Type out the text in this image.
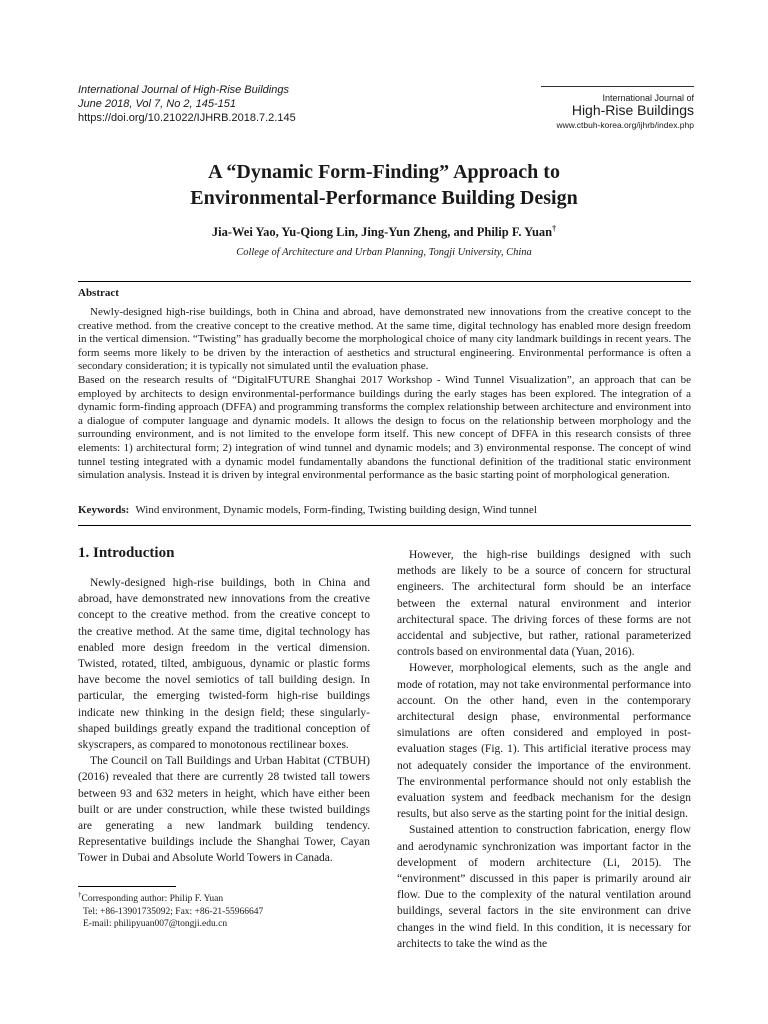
International Journal of High-Rise Buildings
June 2018, Vol 7, No 2, 145-151
https://doi.org/10.21022/IJHRB.2018.7.2.145
International Journal of
High-Rise Buildings
www.ctbuh-korea.org/ijhrb/index.php
A “Dynamic Form-Finding” Approach to
Environmental-Performance Building Design
Jia-Wei Yao, Yu-Qiong Lin, Jing-Yun Zheng, and Philip F. Yuan†
College of Architecture and Urban Planning, Tongji University, China
Abstract

Newly-designed high-rise buildings, both in China and abroad, have demonstrated new innovations from the creative concept to the creative method. from the creative concept to the creative method. At the same time, digital technology has enabled more design freedom in the vertical dimension. “Twisting” has gradually become the morphological choice of many city landmark buildings in recent years. The form seems more likely to be driven by the interaction of aesthetics and structural engineering. Environmental performance is often a secondary consideration; it is typically not simulated until the evaluation phase.

Based on the research results of “DigitalFUTURE Shanghai 2017 Workshop - Wind Tunnel Visualization”, an approach that can be employed by architects to design environmental-performance buildings during the early stages has been explored. The integration of a dynamic form-finding approach (DFFA) and programming transforms the complex relationship between architecture and environment into a dialogue of computer language and dynamic models. It allows the design to focus on the relationship between morphology and the surrounding environment, and is not limited to the envelope form itself. This new concept of DFFA in this research consists of three elements: 1) architectural form; 2) integration of wind tunnel and dynamic models; and 3) environmental response. The concept of wind tunnel testing integrated with a dynamic model fundamentally abandons the functional definition of the traditional static environment simulation analysis. Instead it is driven by integral environmental performance as the basic starting point of morphological generation.

Keywords: Wind environment, Dynamic models, Form-finding, Twisting building design, Wind tunnel
1. Introduction

Newly-designed high-rise buildings, both in China and abroad, have demonstrated new innovations from the creative concept to the creative method. from the creative concept to the creative method. At the same time, digital technology has enabled more design freedom in the vertical dimension. Twisted, rotated, tilted, ambiguous, dynamic or plastic forms have become the novel semiotics of tall building design. In particular, the emerging twisted-form high-rise buildings indicate new thinking in the design field; these singularly-shaped buildings greatly expand the traditional conception of skyscrapers, as compared to monotonous rectilinear boxes.

The Council on Tall Buildings and Urban Habitat (CTBUH) (2016) revealed that there are currently 28 twisted tall towers between 93 and 632 meters in height, which have either been built or are under construction, while these twisted buildings are generating a new landmark building tendency. Representative buildings include the Shanghai Tower, Cayan Tower in Dubai and Absolute World Towers in Canada.

However, the high-rise buildings designed with such methods are likely to be a source of concern for structural engineers. The architectural form should be an interface between the external natural environment and interior architectural space. The driving forces of these forms are not accidental and subjective, but rather, rational parameterized controls based on environmental data (Yuan, 2016).

However, morphological elements, such as the angle and mode of rotation, may not take environmental performance into account. On the other hand, even in the contemporary architectural design phase, environmental performance simulations are often considered and employed in post-evaluation stages (Fig. 1). This artificial iterative process may not adequately consider the importance of the environment. The environmental performance should not only establish the evaluation system and feedback mechanism for the design results, but also serve as the starting point for the initial design.

Sustained attention to construction fabrication, energy flow and aerodynamic synchronization was important factor in the development of modern architecture (Li, 2015). The “environment” discussed in this paper is primarily around air flow. Due to the complexity of the natural ventilation around buildings, several factors in the site environment can drive changes in the wind field. In this condition, it is necessary for architects to take the wind as the

†Corresponding author: Philip F. Yuan
Tel: +86-13901735092; Fax: +86-21-55966647
E-mail: philipyuan007@tongji.edu.cn
